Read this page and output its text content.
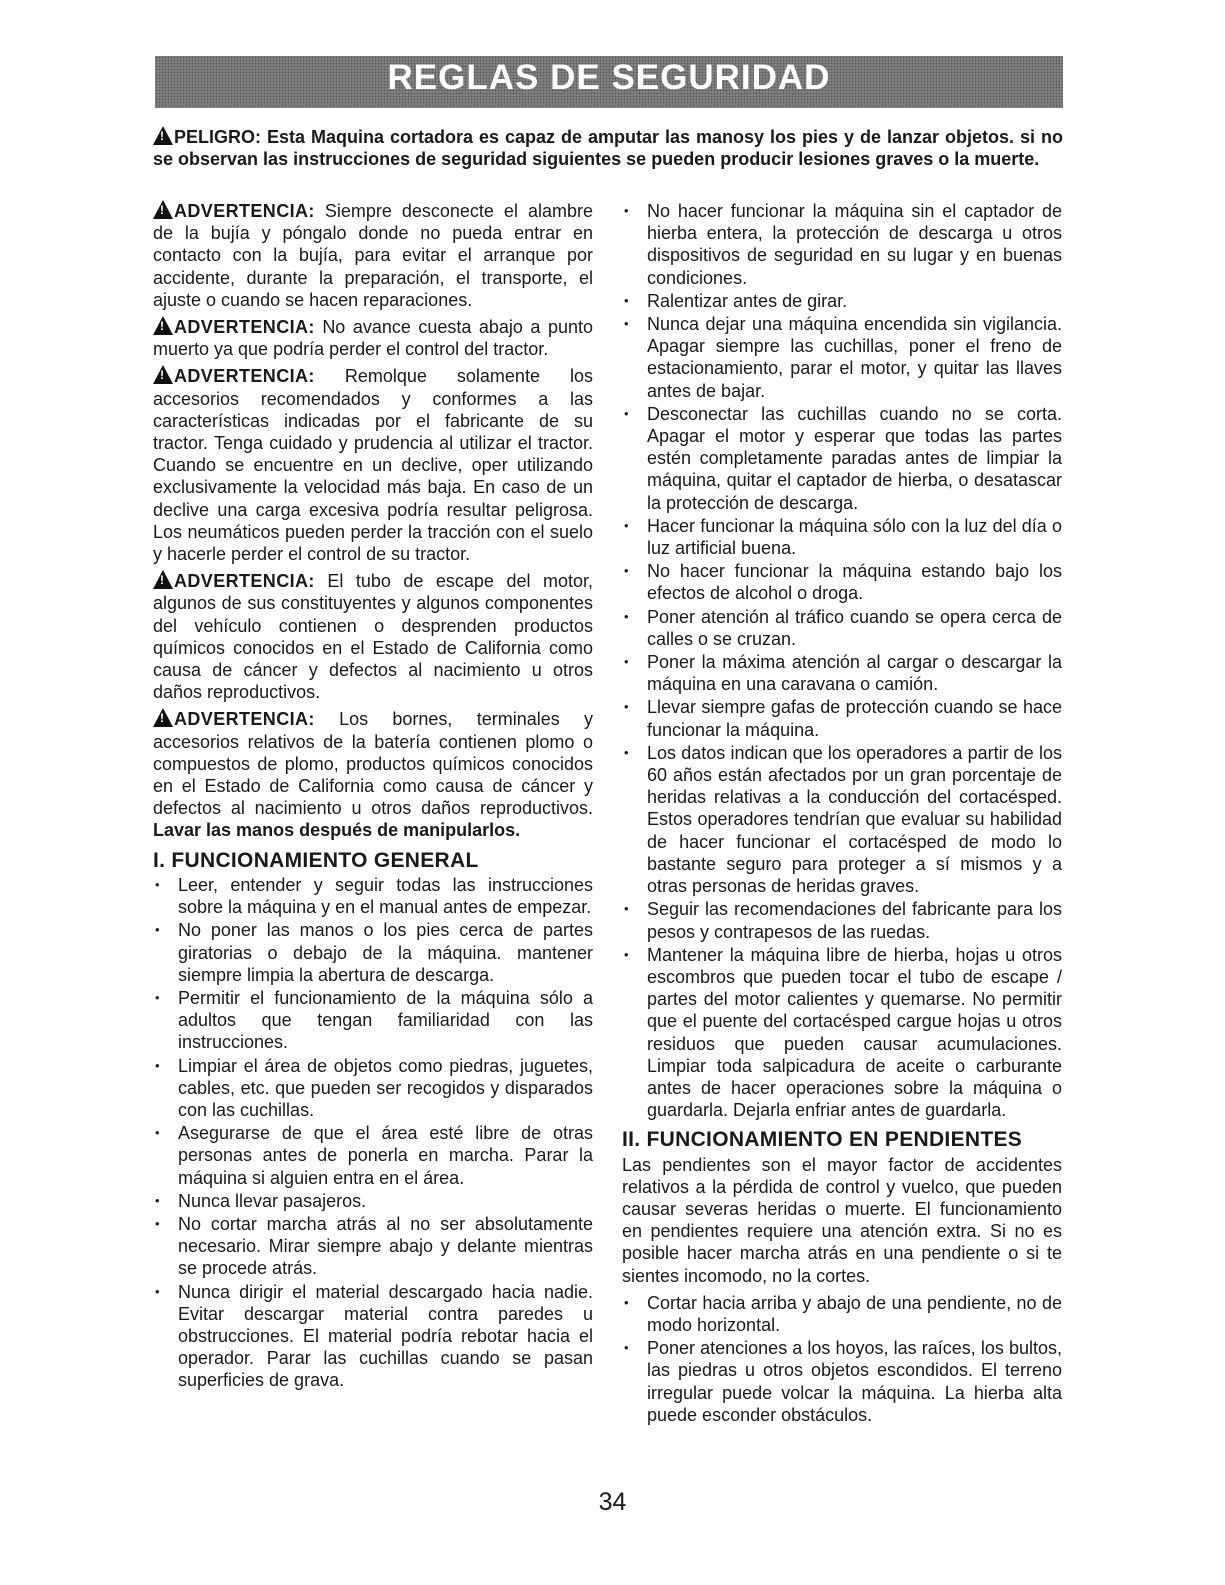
REGLAS DE SEGURIDAD
!PELIGRO: Esta Maquina cortadora es capaz de amputar las manosy los pies y de lanzar objetos. si no se observan las instrucciones de seguridad siguientes se pueden producir lesiones graves o la muerte.

!ADVERTENCIA: Siempre desconecte el alambre de la bujía y póngalo donde no pueda entrar en contacto con la bujía, para evitar el arranque por accidente, durante la preparación, el transporte, el ajuste o cuando se hacen reparaciones.

!ADVERTENCIA: No avance cuesta abajo a punto muerto ya que podría perder el control del tractor.

!ADVERTENCIA: Remolque solamente los accesorios recomendados y conformes a las características indicadas por el fabricante de su tractor. Tenga cuidado y prudencia al utilizar el tractor. Cuando se encuentre en un declive, oper utilizando exclusivamente la velocidad más baja. En caso de un declive una carga excesiva podría resultar peligrosa. Los neumáticos pueden perder la tracción con el suelo y hacerle perder el control de su tractor.

!ADVERTENCIA: El tubo de escape del motor, algunos de sus constituyentes y algunos componentes del vehículo contienen o desprenden productos químicos conocidos en el Estado de California como causa de cáncer y defectos al nacimiento u otros daños reproductivos.

!ADVERTENCIA: Los bornes, terminales y accesorios relativos de la batería contienen plomo o compuestos de plomo, productos químicos conocidos en el Estado de California como causa de cáncer y defectos al nacimiento u otros daños reproductivos. Lavar las manos después de manipularlos.

I. FUNCIONAMIENTO GENERAL
• Leer, entender y seguir todas las instrucciones sobre la máquina y en el manual antes de empezar.
• No poner las manos o los pies cerca de partes giratorias o debajo de la máquina. mantener siempre limpia la abertura de descarga.
• Permitir el funcionamiento de la máquina sólo a adultos que tengan familiaridad con las instrucciones.
• Limpiar el área de objetos como piedras, juguetes, cables, etc. que pueden ser recogidos y disparados con las cuchillas.
• Asegurarse de que el área esté libre de otras personas antes de ponerla en marcha. Parar la máquina si alguien entra en el área.
• Nunca llevar pasajeros.
• No cortar marcha atrás al no ser absolutamente necesario. Mirar siempre abajo y delante mientras se procede atrás.
• Nunca dirigir el material descargado hacia nadie. Evitar descargar material contra paredes u obstrucciones. El material podría rebotar hacia el operador. Parar las cuchillas cuando se pasan superficies de grava.
• No hacer funcionar la máquina sin el captador de hierba entera, la protección de descarga u otros dispositivos de seguridad en su lugar y en buenas condiciones.
• Ralentizar antes de girar.
• Nunca dejar una máquina encendida sin vigilancia. Apagar siempre las cuchillas, poner el freno de estacionamiento, parar el motor, y quitar las llaves antes de bajar.
• Desconectar las cuchillas cuando no se corta. Apagar el motor y esperar que todas las partes estén completamente paradas antes de limpiar la máquina, quitar el captador de hierba, o desatascar la protección de descarga.
• Hacer funcionar la máquina sólo con la luz del día o luz artificial buena.
• No hacer funcionar la máquina estando bajo los efectos de alcohol o droga.
• Poner atención al tráfico cuando se opera cerca de calles o se cruzan.
• Poner la máxima atención al cargar o descargar la máquina en una caravana o camión.
• Llevar siempre gafas de protección cuando se hace funcionar la máquina.
• Los datos indican que los operadores a partir de los 60 años están afectados por un gran porcentaje de heridas relativas a la conducción del cortacésped. Estos operadores tendrían que evaluar su habilidad de hacer funcionar el cortacésped de modo lo bastante seguro para proteger a sí mismos y a otras personas de heridas graves.
• Seguir las recomendaciones del fabricante para los pesos y contrapesos de las ruedas.
• Mantener la máquina libre de hierba, hojas u otros escombros que pueden tocar el tubo de escape / partes del motor calientes y quemarse. No permitir que el puente del cortacésped cargue hojas u otros residuos que pueden causar acumulaciones. Limpiar toda salpicadura de aceite o carburante antes de hacer operaciones sobre la máquina o guardarla. Dejarla enfriar antes de guardarla.
II. FUNCIONAMIENTO EN PENDIENTES

Las pendientes son el mayor factor de accidentes relativos a la pérdida de control y vuelco, que pueden causar severas heridas o muerte. El funcionamiento en pendientes requiere una atención extra. Si no es posible hacer marcha atrás en una pendiente o si te sientes incomodo, no la cortes.

• Cortar hacia arriba y abajo de una pendiente, no de modo horizontal.
• Poner atenciones a los hoyos, las raíces, los bultos, las piedras u otros objetos escondidos. El terreno irregular puede volcar la máquina. La hierba alta puede esconder obstáculos.
34
